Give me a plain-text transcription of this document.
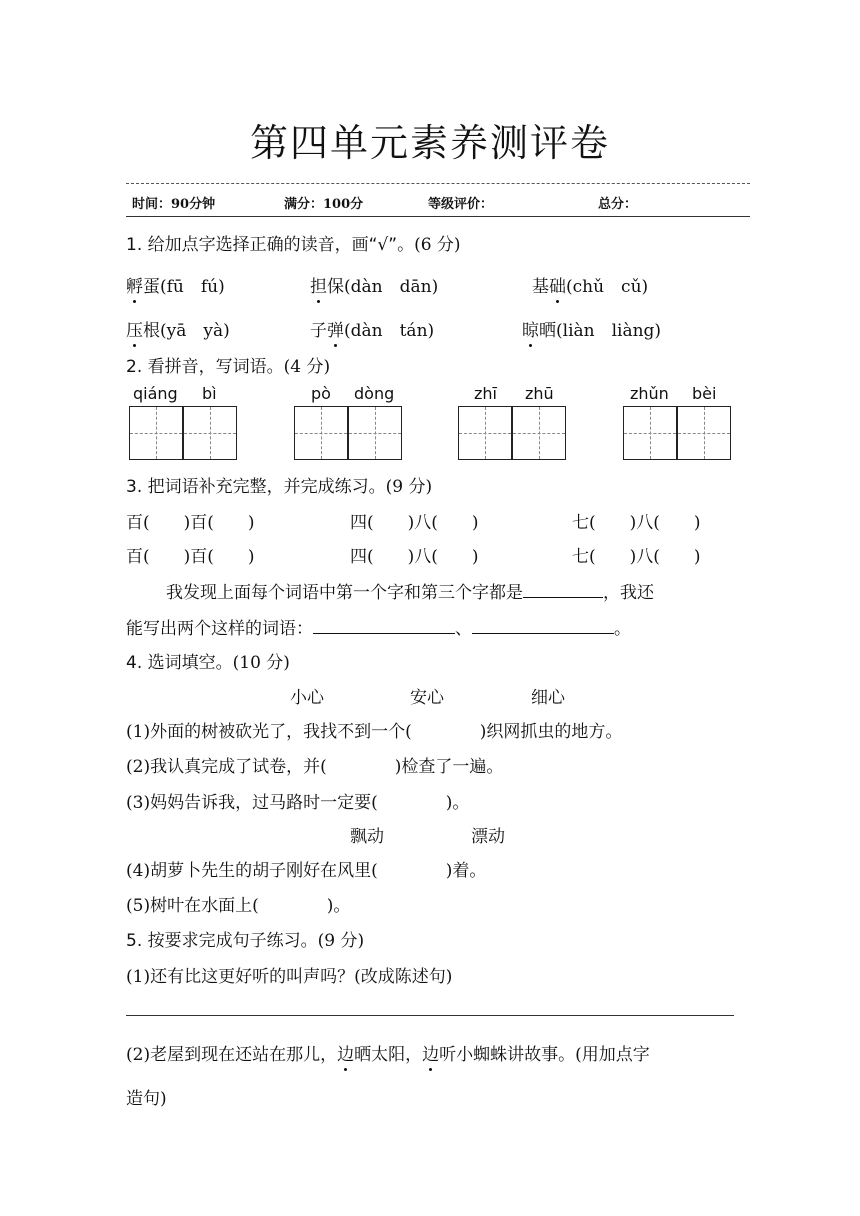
第四单元素养测评卷
时间：90分钟	满分：100分	等级评价：	总分：
1. 给加点字选择正确的读音，画“√”。(6 分)
孵蛋(fū　fú)	担保(dàn　dān)	基础(chǔ　cǔ)
压根(yā　yà)	子弹(dàn　tán)	晾晒(liàn　liàng)
2. 看拼音，写词语。(4 分)
qiáng bì	pò dòng	zhī zhū	zhǔn bèi
3. 把词语补充完整，并完成练习。(9 分)
百(　　)百(　　)	四(　　)八(　　)	七(　　)八(　　)
百(　　)百(　　)	四(　　)八(　　)	七(　　)八(　　)
我发现上面每个词语中第一个字和第三个字都是	，我还
能写出两个这样的词语：	、	。
4. 选词填空。(10 分)
小心	安心	细心
(1)外面的树被砍光了，我找不到一个(　　　　)织网抓虫的地方。
(2)我认真完成了试卷，并(　　　　)检查了一遍。
(3)妈妈告诉我，过马路时一定要(　　　　)。
飘动	漂动
(4)胡萝卜先生的胡子刚好在风里(　　　　)着。
(5)树叶在水面上(　　　　)。
5. 按要求完成句子练习。(9 分)
(1)还有比这更好听的叫声吗？(改成陈述句)
(2)老屋到现在还站在那儿，边晒太阳，边听小蜘蛛讲故事。(用加点字
造句)
